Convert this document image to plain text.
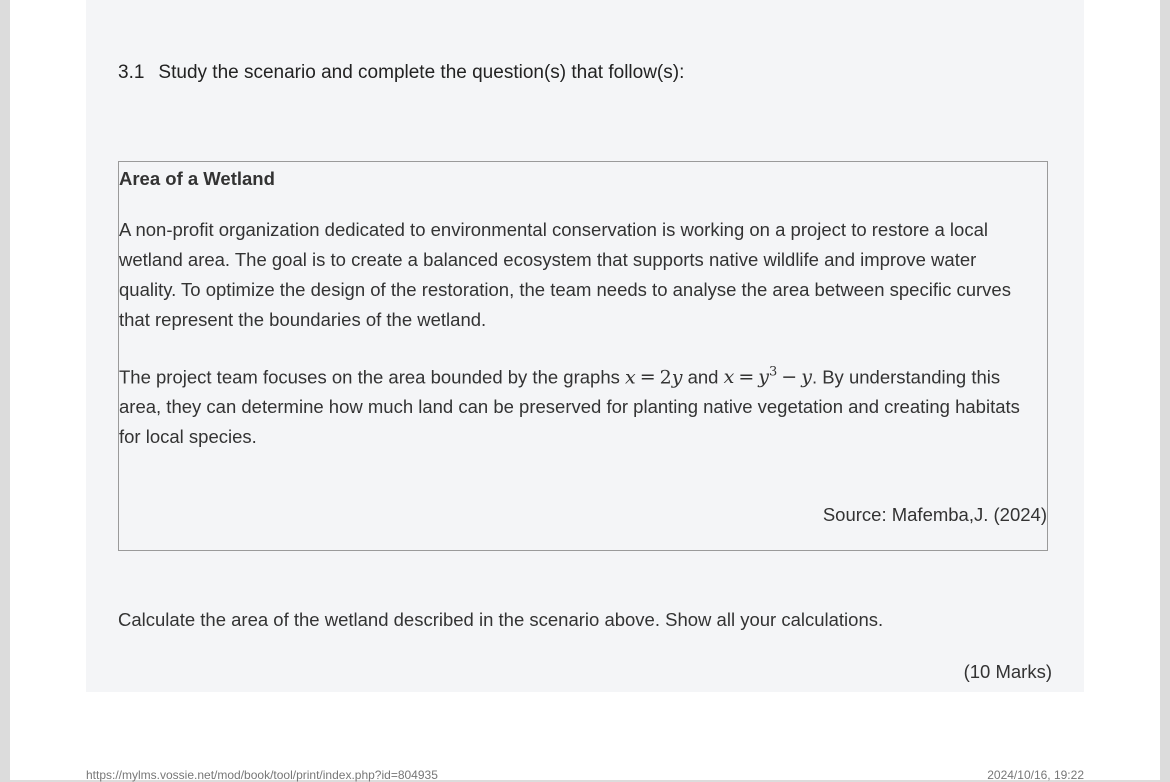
3.1 Study the scenario and complete the question(s) that follow(s):
Area of a Wetland

A non-profit organization dedicated to environmental conservation is working on a project to restore a local wetland area. The goal is to create a balanced ecosystem that supports native wildlife and improve water quality. To optimize the design of the restoration, the team needs to analyse the area between specific curves that represent the boundaries of the wetland.

The project team focuses on the area bounded by the graphs x = 2y and $x = y^3 - y$. By understanding this area, they can determine how much land can be preserved for planting native vegetation and creating habitats for local species.

Source: Mafemba,J. (2024)
Calculate the area of the wetland described in the scenario above. Show all your calculations.
(10 Marks)
https://mylms.vossie.net/mod/book/tool/print/index.php?id=804935	2024/10/16, 19:22
